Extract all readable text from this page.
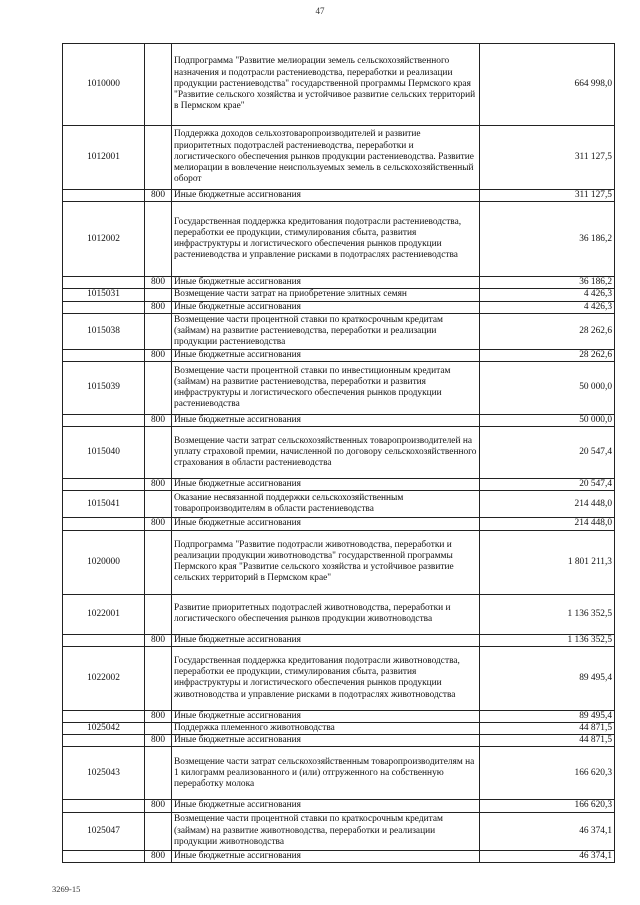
47
1010000		Подпрограмма "Развитие мелиорации земель сельскохозяйственного назначения и подотрасли растениеводства, переработки и реализации продукции растениеводства" государственной программы Пермского края "Развитие сельского хозяйства и устойчивое развитие сельских территорий в Пермском крае"	664 998,0
1012001		Поддержка доходов сельхозтоваропроизводителей и развитие приоритетных подотраслей растениеводства, переработки и логистического обеспечения рынков продукции растениеводства. Развитие мелиорации в вовлечение неиспользуемых земель в сельскохозяйственный оборот	311 127,5
	800	Иные бюджетные ассигнования	311 127,5
1012002		Государственная поддержка кредитования подотрасли растениеводства, переработки ее продукции, стимулирования сбыта, развития инфраструктуры и логистического обеспечения рынков продукции растениеводства и управление рисками в подотраслях растениеводства	36 186,2
	800	Иные бюджетные ассигнования	36 186,2
1015031		Возмещение части затрат на приобретение элитных семян	4 426,3
	800	Иные бюджетные ассигнования	4 426,3
1015038		Возмещение части процентной ставки по краткосрочным кредитам (займам) на развитие растениеводства, переработки и реализации продукции растениеводства	28 262,6
	800	Иные бюджетные ассигнования	28 262,6
1015039		Возмещение части процентной ставки по инвестиционным кредитам (займам) на развитие растениеводства, переработки и развития инфраструктуры и логистического обеспечения рынков продукции растениеводства	50 000,0
	800	Иные бюджетные ассигнования	50 000,0
1015040		Возмещение части затрат сельскохозяйственных товаропроизводителей на уплату страховой премии, начисленной по договору сельскохозяйственного страхования в области растениеводства	20 547,4
	800	Иные бюджетные ассигнования	20 547,4
1015041		Оказание несвязанной поддержки сельскохозяйственным товаропроизводителям в области растениеводства	214 448,0
	800	Иные бюджетные ассигнования	214 448,0
1020000		Подпрограмма "Развитие подотрасли животноводства, переработки и реализации продукции животноводства" государственной программы Пермского края "Развитие сельского хозяйства и устойчивое развитие сельских территорий в Пермском крае"	1 801 211,3
1022001		Развитие приоритетных подотраслей животноводства, переработки и логистического обеспечения рынков продукции животноводства	1 136 352,5
	800	Иные бюджетные ассигнования	1 136 352,5
1022002		Государственная поддержка кредитования подотрасли животноводства, переработки ее продукции, стимулирования сбыта, развития инфраструктуры и логистического обеспечения рынков продукции животноводства и управление рисками в подотраслях животноводства	89 495,4
	800	Иные бюджетные ассигнования	89 495,4
1025042		Поддержка племенного животноводства	44 871,5
	800	Иные бюджетные ассигнования	44 871,5
1025043		Возмещение части затрат сельскохозяйственным товаропроизводителям на 1 килограмм реализованного и (или) отгруженного на собственную переработку молока	166 620,3
	800	Иные бюджетные ассигнования	166 620,3
1025047		Возмещение части процентной ставки по краткосрочным кредитам (займам) на развитие животноводства, переработки и реализации продукции животноводства	46 374,1
	800	Иные бюджетные ассигнования	46 374,1
3269-15
